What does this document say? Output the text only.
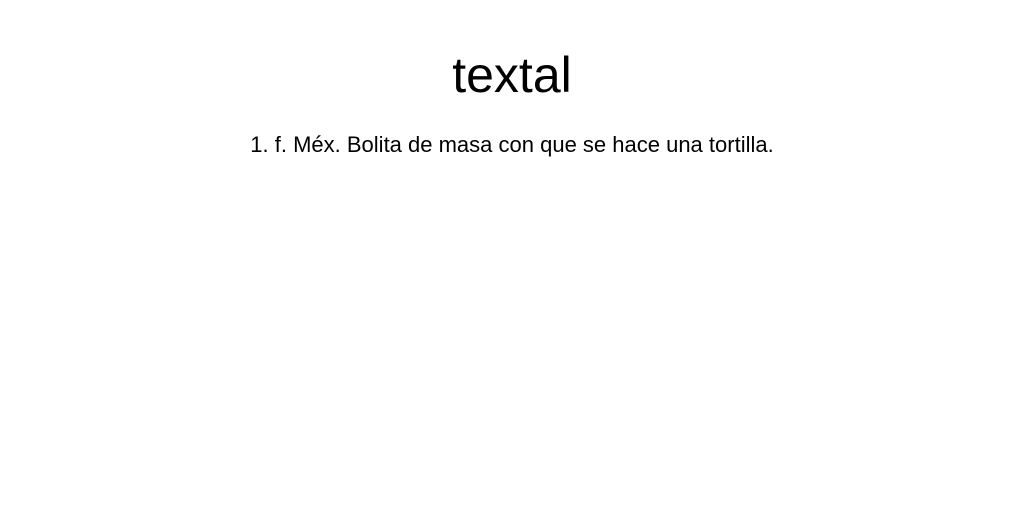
textal

1. f. Méx. Bolita de masa con que se hace una tortilla.
